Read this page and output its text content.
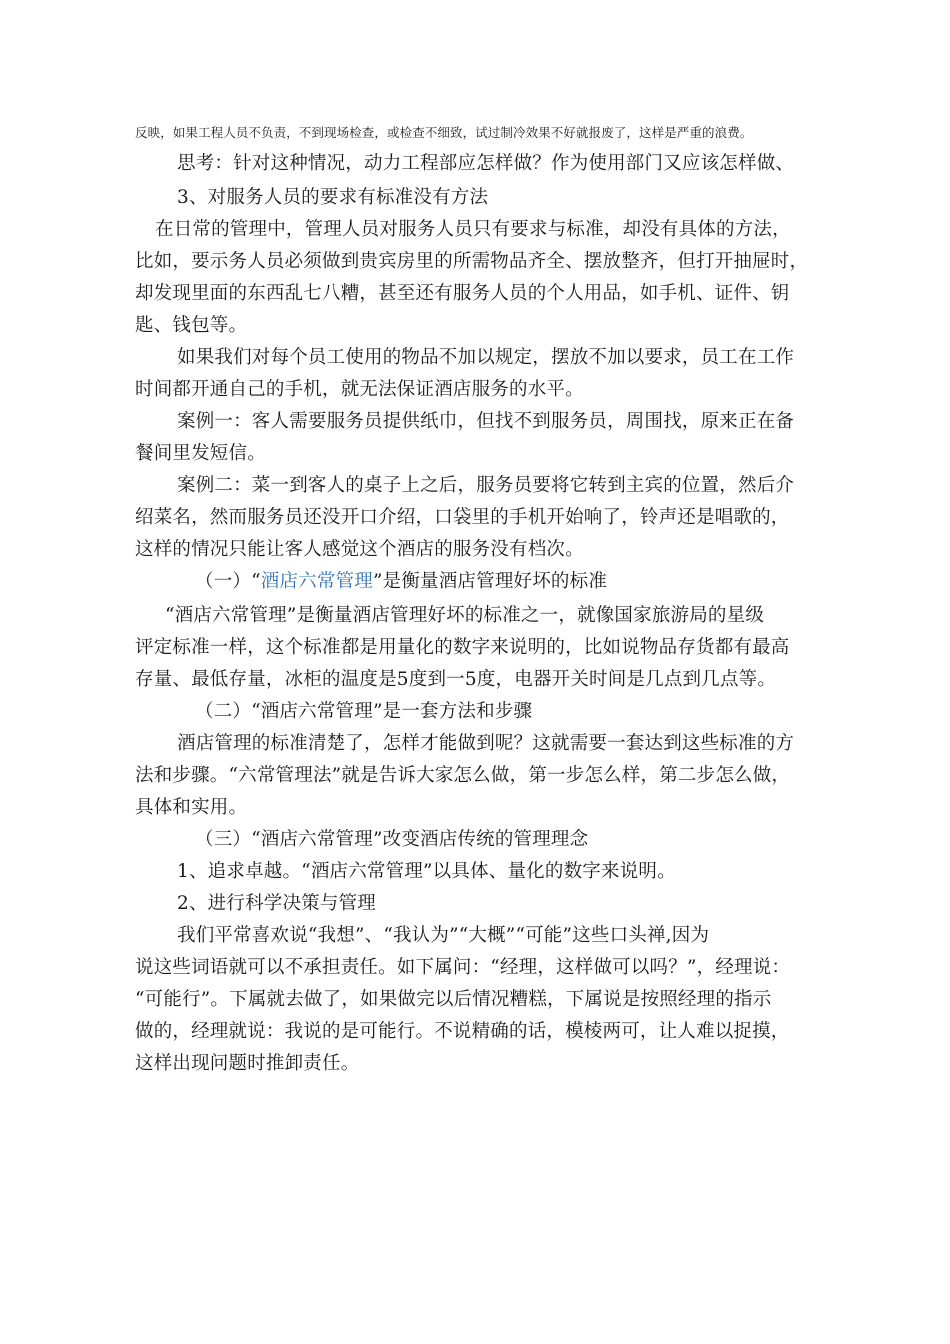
反映，如果工程人员不负责，不到现场检查，或检查不细致，试过制冷效果不好就报废了，这样是严重的浪费。
思考：针对这种情况，动力工程部应怎样做？作为使用部门又应该怎样做、
3、对服务人员的要求有标准没有方法
在日常的管理中，管理人员对服务人员只有要求与标准，却没有具体的方法，
比如，要示务人员必须做到贵宾房里的所需物品齐全、摆放整齐，但打开抽屉时，
却发现里面的东西乱七八糟，甚至还有服务人员的个人用品，如手机、证件、钥
匙、钱包等。
如果我们对每个员工使用的物品不加以规定，摆放不加以要求，员工在工作
时间都开通自己的手机，就无法保证酒店服务的水平。
案例一：客人需要服务员提供纸巾，但找不到服务员，周围找，原来正在备
餐间里发短信。
案例二：菜一到客人的桌子上之后，服务员要将它转到主宾的位置，然后介
绍菜名，然而服务员还没开口介绍，口袋里的手机开始响了，铃声还是唱歌的，
这样的情况只能让客人感觉这个酒店的服务没有档次。
（一）“酒店六常管理”是衡量酒店管理好坏的标准
“酒店六常管理”是衡量酒店管理好坏的标准之一，就像国家旅游局的星级
评定标准一样，这个标准都是用量化的数字来说明的，比如说物品存货都有最高
存量、最低存量，冰柜的温度是5度到一5度，电器开关时间是几点到几点等。
（二）“酒店六常管理”是一套方法和步骤
酒店管理的标准清楚了，怎样才能做到呢？这就需要一套达到这些标准的方
法和步骤。“六常管理法”就是告诉大家怎么做，第一步怎么样，第二步怎么做，
具体和实用。
（三）“酒店六常管理”改变酒店传统的管理理念
1、追求卓越。“酒店六常管理”以具体、量化的数字来说明。
2、进行科学决策与管理
我们平常喜欢说“我想”、“我认为”“大概”“可能”这些口头禅,因为
说这些词语就可以不承担责任。如下属问：“经理，这样做可以吗？”，经理说：
“可能行”。下属就去做了，如果做完以后情况糟糕，下属说是按照经理的指示
做的，经理就说：我说的是可能行。不说精确的话，模棱两可，让人难以捉摸，
这样出现问题时推卸责任。
